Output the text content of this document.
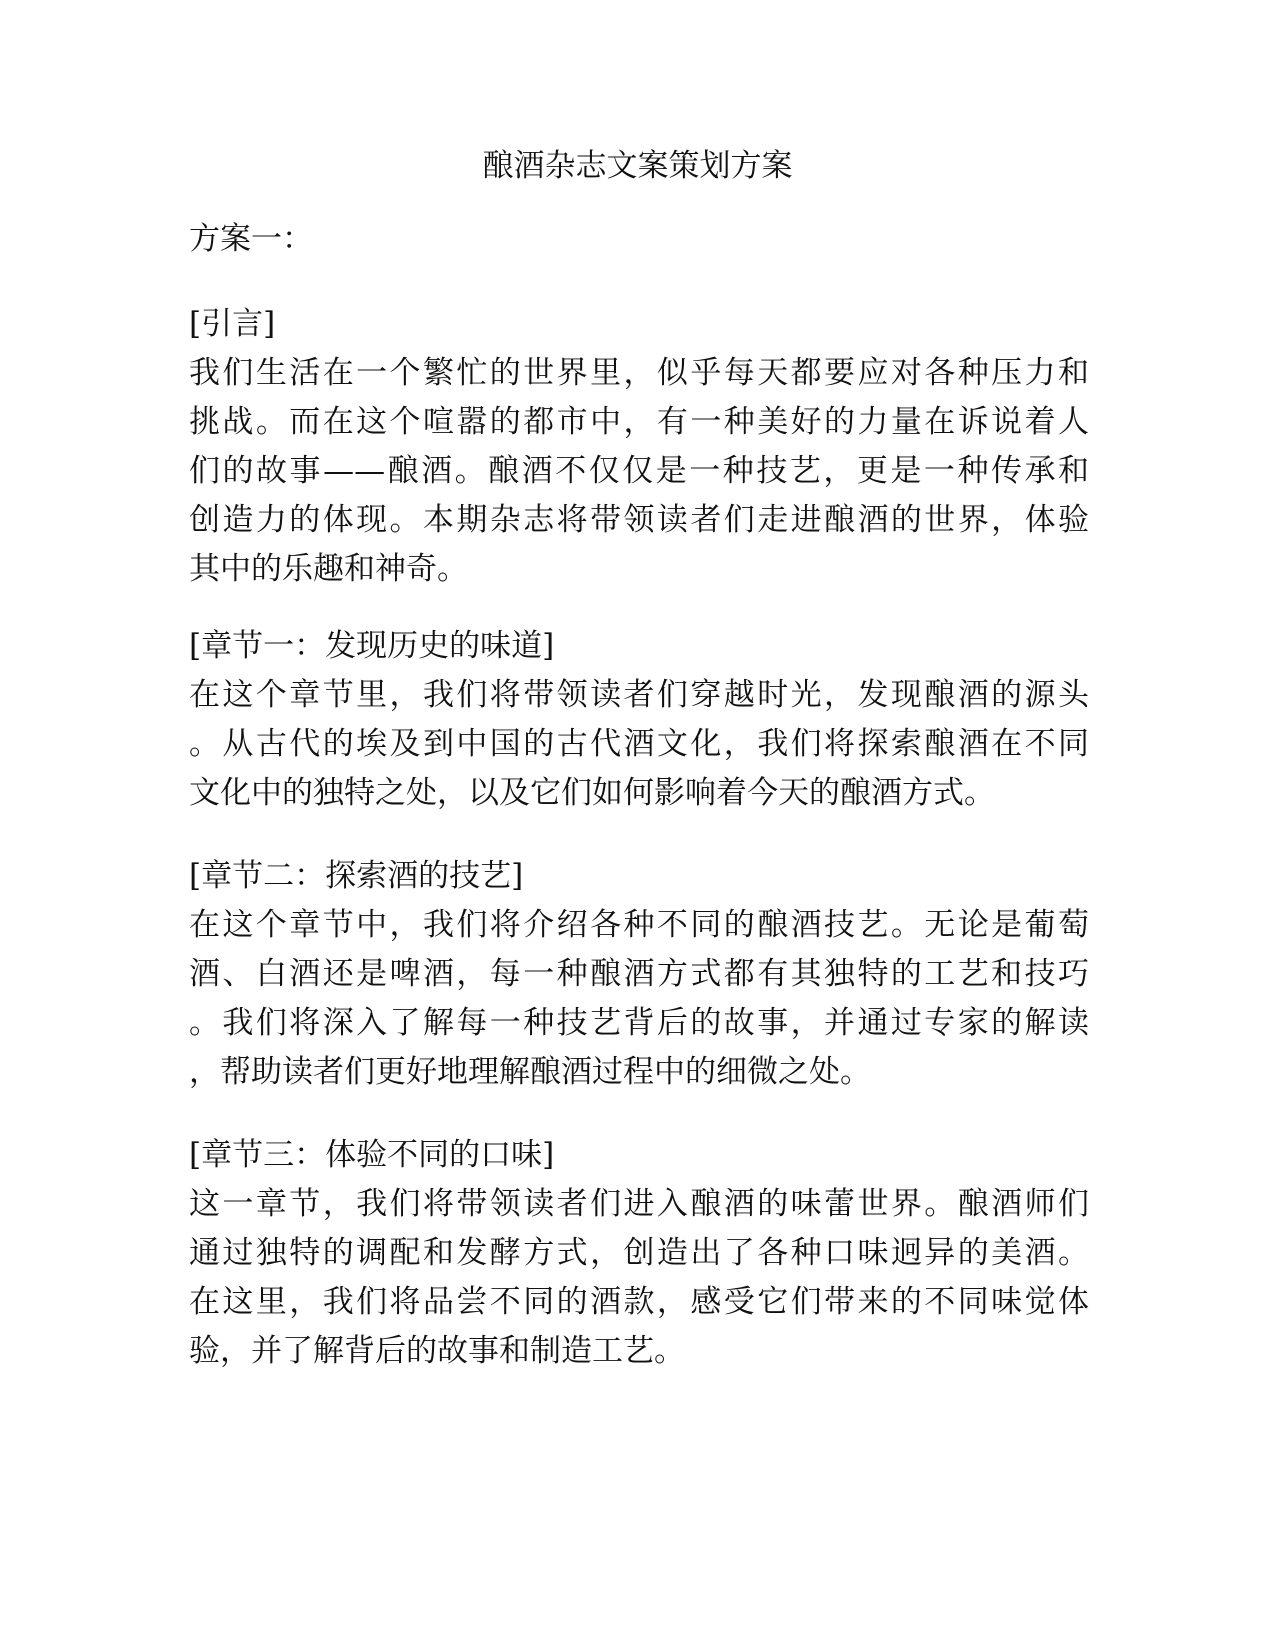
酿酒杂志文案策划方案
方案一：
[引言]

我们生活在一个繁忙的世界里，似乎每天都要应对各种压力和
挑战。而在这个喧嚣的都市中，有一种美好的力量在诉说着人
们的故事——酿酒。酿酒不仅仅是一种技艺，更是一种传承和
创造力的体现。本期杂志将带领读者们走进酿酒的世界，体验
其中的乐趣和神奇。

[章节一：发现历史的味道]

在这个章节里，我们将带领读者们穿越时光，发现酿酒的源头
。从古代的埃及到中国的古代酒文化，我们将探索酿酒在不同
文化中的独特之处，以及它们如何影响着今天的酿酒方式。

[章节二：探索酒的技艺]

在这个章节中，我们将介绍各种不同的酿酒技艺。无论是葡萄
酒、白酒还是啤酒，每一种酿酒方式都有其独特的工艺和技巧
。我们将深入了解每一种技艺背后的故事，并通过专家的解读
，帮助读者们更好地理解酿酒过程中的细微之处。

[章节三：体验不同的口味]

这一章节，我们将带领读者们进入酿酒的味蕾世界。酿酒师们
通过独特的调配和发酵方式，创造出了各种口味迥异的美酒。
在这里，我们将品尝不同的酒款，感受它们带来的不同味觉体
验，并了解背后的故事和制造工艺。
